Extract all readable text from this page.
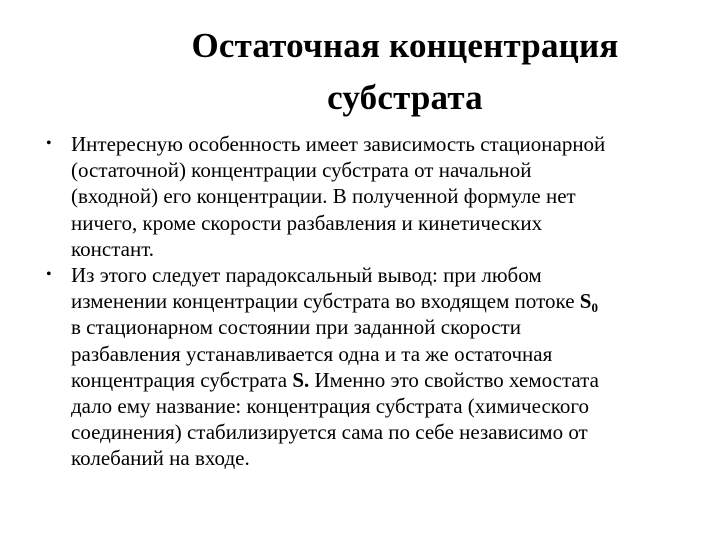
Остаточная концентрация
субстрата
• Интересную особенность имеет зависимость стационарной
(остаточной) концентрации субстрата от начальной
(входной) его концентрации. В полученной формуле нет
ничего, кроме скорости разбавления и кинетических
констант.
• Из этого следует парадоксальный вывод: при любом
изменении концентрации субстрата во входящем потоке $S_0$
в стационарном состоянии при заданной скорости
разбавления устанавливается одна и та же остаточная
концентрация субстрата S. Именно это свойство хемостата
дало ему название: концентрация субстрата (химического
соединения) стабилизируется сама по себе независимо от
колебаний на входе.
